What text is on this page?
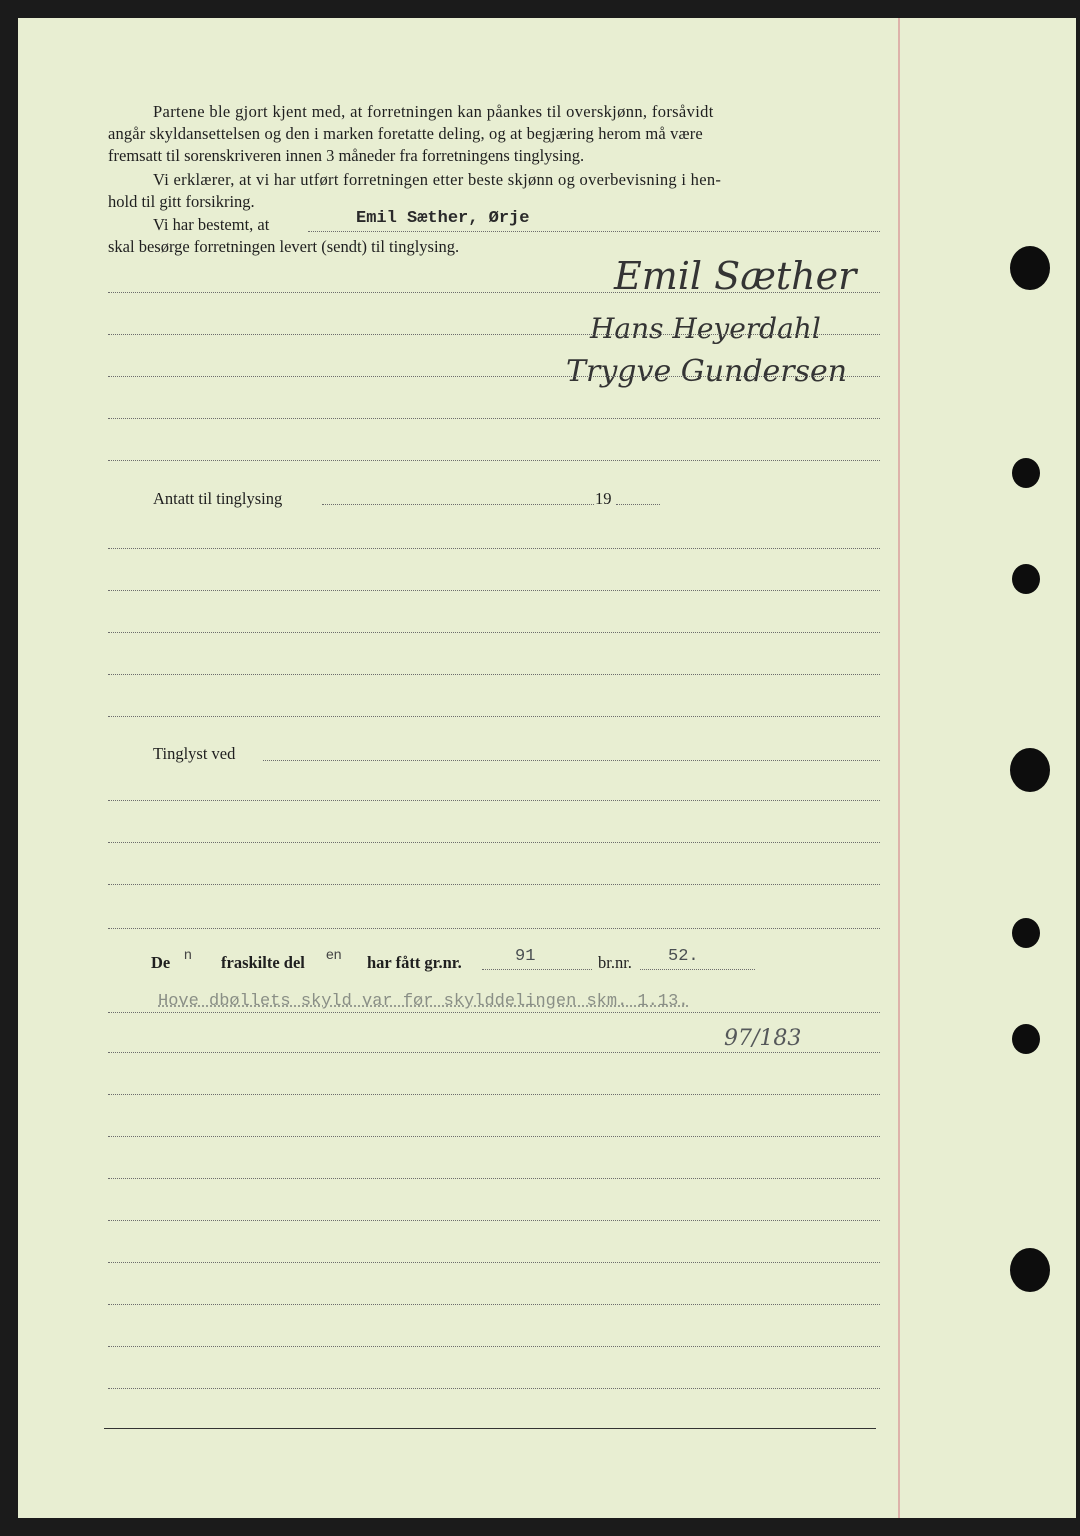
Partene ble gjort kjent med, at forretningen kan påankes til overskjønn, forsåvidt
angår skyldansettelsen og den i marken foretatte deling, og at begjæring herom må være
fremsatt til sorenskriveren innen 3 måneder fra forretningens tinglysing.
Vi erklærer, at vi har utført forretningen etter beste skjønn og overbevisning i hen-
hold til gitt forsikring.
Vi har bestemt, at	Emil Sæther, Ørje
skal besørge forretningen levert (sendt) til tinglysing.
Emil Sæther
Hans Heyerdahl
Trygve Gundersen
Antatt til tinglysing	19
Tinglyst ved
De n fraskilte del en har fått gr.nr.	91	br.nr. 52.
Hove dbøllets skyld var før skylddelingen skm. 1.13.
97/183
